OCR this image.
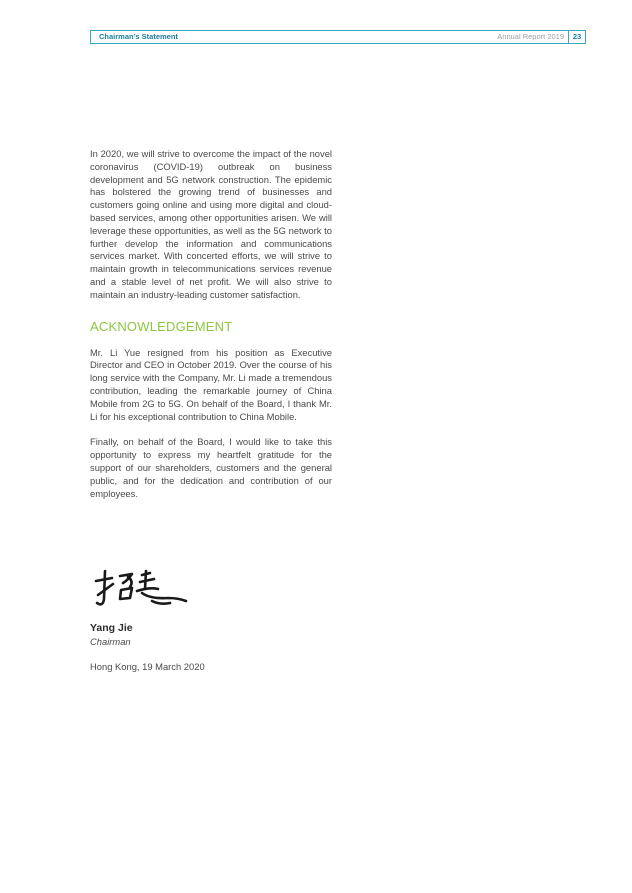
Chairman’s Statement	Annual Report 2019	23

In 2020, we will strive to overcome the impact of the novel coronavirus (COVID-19) outbreak on business development and 5G network construction. The epidemic has bolstered the growing trend of businesses and customers going online and using more digital and cloud-based services, among other opportunities arisen. We will leverage these opportunities, as well as the 5G network to further develop the information and communications services market. With concerted efforts, we will strive to maintain growth in telecommunications services revenue and a stable level of net profit. We will also strive to maintain an industry-leading customer satisfaction.

ACKNOWLEDGEMENT

Mr. Li Yue resigned from his position as Executive Director and CEO in October 2019. Over the course of his long service with the Company, Mr. Li made a tremendous contribution, leading the remarkable journey of China Mobile from 2G to 5G. On behalf of the Board, I thank Mr. Li for his exceptional contribution to China Mobile.

Finally, on behalf of the Board, I would like to take this opportunity to express my heartfelt gratitude for the support of our shareholders, customers and the general public, and for the dedication and contribution of our employees.

Yang Jie
Chairman
Hong Kong, 19 March 2020
